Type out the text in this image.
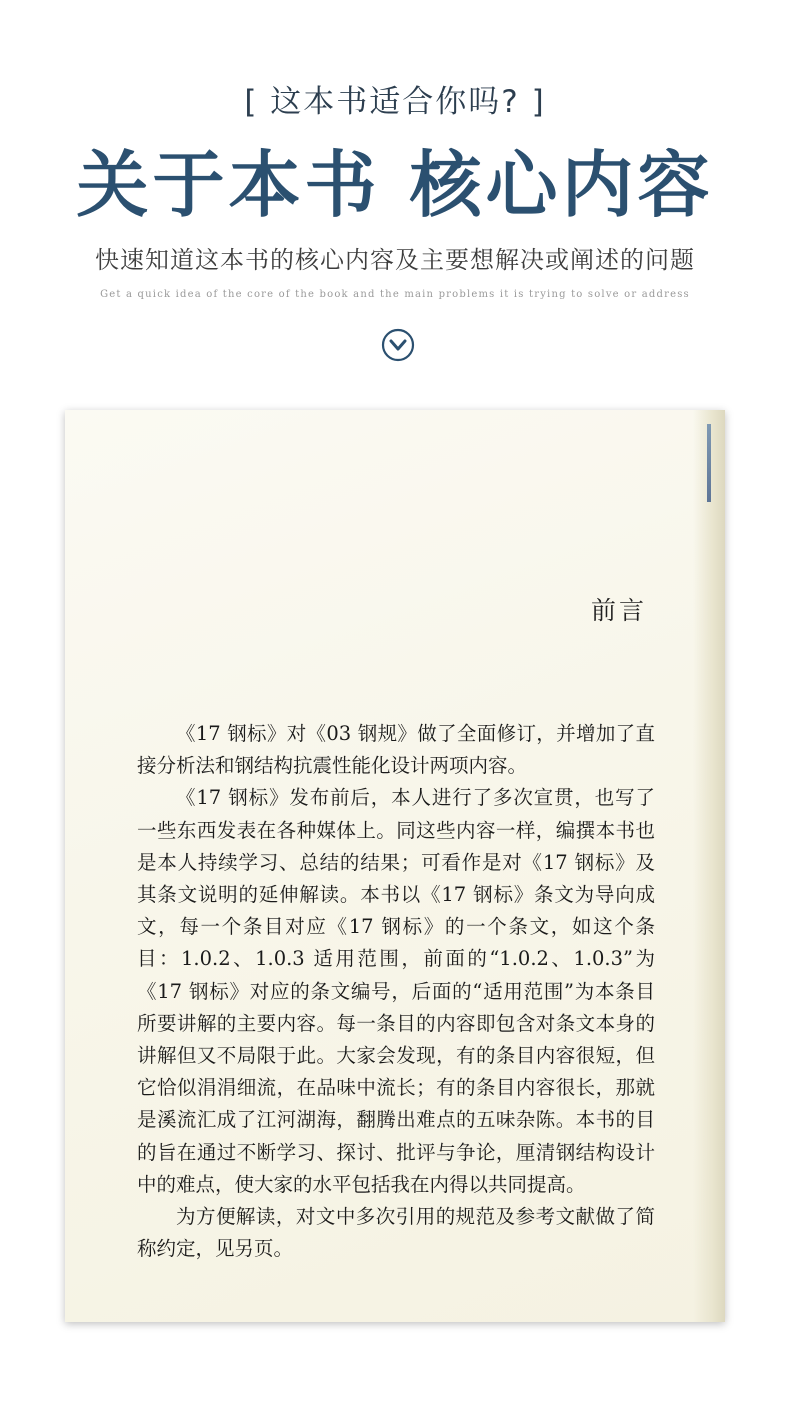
[ 这本书适合你吗? ]
关于本书 核心内容
快速知道这本书的核心内容及主要想解决或阐述的问题
Get a quick idea of the core of the book and the main problems it is trying to solve or address
前言

《17 钢标》对《03 钢规》做了全面修订，并增加了直接分析法和钢结构抗震性能化设计两项内容。

《17 钢标》发布前后，本人进行了多次宣贯，也写了一些东西发表在各种媒体上。同这些内容一样，编撰本书也是本人持续学习、总结的结果；可看作是对《17 钢标》及其条文说明的延伸解读。本书以《17 钢标》条文为导向成文，每一个条目对应《17 钢标》的一个条文，如这个条目：1.0.2、1.0.3 适用范围，前面的“1.0.2、1.0.3”为《17 钢标》对应的条文编号，后面的“适用范围”为本条目所要讲解的主要内容。每一条目的内容即包含对条文本身的讲解但又不局限于此。大家会发现，有的条目内容很短，但它恰似涓涓细流，在品味中流长；有的条目内容很长，那就是溪流汇成了江河湖海，翻腾出难点的五味杂陈。本书的目的旨在通过不断学习、探讨、批评与争论，厘清钢结构设计中的难点，使大家的水平包括我在内得以共同提高。

为方便解读，对文中多次引用的规范及参考文献做了简称约定，见另页。
